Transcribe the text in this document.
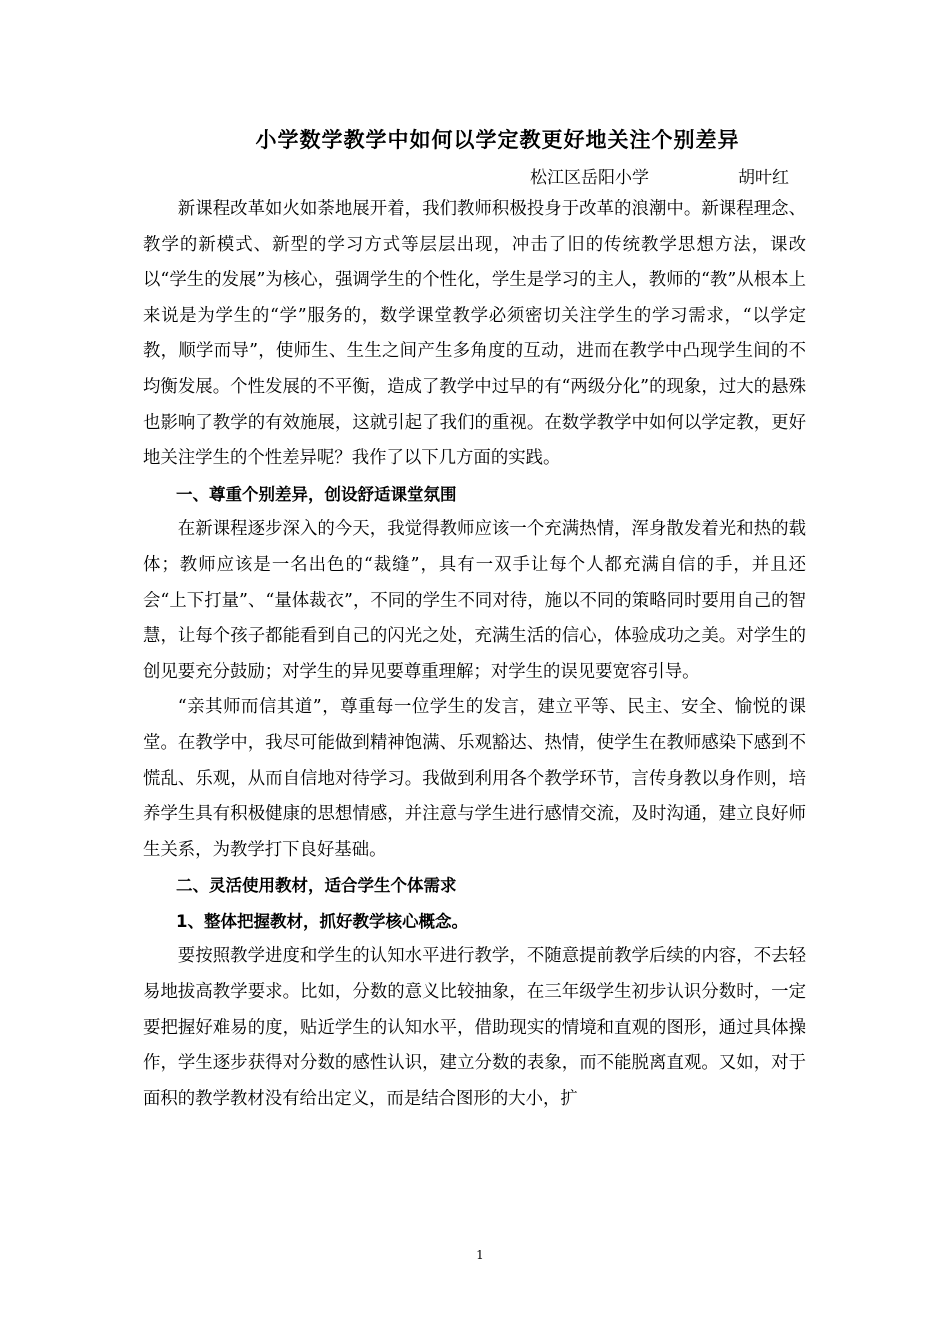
小学数学教学中如何以学定教更好地关注个别差异
松江区岳阳小学	胡叶红

新课程改革如火如荼地展开着，我们教师积极投身于改革的浪潮中。新课程理念、教学的新模式、新型的学习方式等层层出现，冲击了旧的传统教学思想方法，课改以“学生的发展”为核心，强调学生的个性化，学生是学习的主人，教师的“教”从根本上来说是为学生的“学”服务的，数学课堂教学必须密切关注学生的学习需求，“以学定教，顺学而导”，使师生、生生之间产生多角度的互动，进而在教学中凸现学生间的不均衡发展。个性发展的不平衡，造成了教学中过早的有“两级分化”的现象，过大的悬殊也影响了教学的有效施展，这就引起了我们的重视。在数学教学中如何以学定教，更好地关注学生的个性差异呢？我作了以下几方面的实践。

一、尊重个别差异，创设舒适课堂氛围

在新课程逐步深入的今天，我觉得教师应该一个充满热情，浑身散发着光和热的载体；教师应该是一名出色的“裁缝”，具有一双手让每个人都充满自信的手，并且还会“上下打量”、“量体裁衣”，不同的学生不同对待，施以不同的策略同时要用自己的智慧，让每个孩子都能看到自己的闪光之处，充满生活的信心，体验成功之美。对学生的创见要充分鼓励；对学生的异见要尊重理解；对学生的误见要宽容引导。

“亲其师而信其道”，尊重每一位学生的发言，建立平等、民主、安全、愉悦的课堂。在教学中，我尽可能做到精神饱满、乐观豁达、热情，使学生在教师感染下感到不慌乱、乐观，从而自信地对待学习。我做到利用各个教学环节，言传身教以身作则，培养学生具有积极健康的思想情感，并注意与学生进行感情交流，及时沟通，建立良好师生关系，为教学打下良好基础。

二、灵活使用教材，适合学生个体需求

1、整体把握教材，抓好教学核心概念。

要按照教学进度和学生的认知水平进行教学，不随意提前教学后续的内容，不去轻易地拔高教学要求。比如，分数的意义比较抽象，在三年级学生初步认识分数时，一定要把握好难易的度，贴近学生的认知水平，借助现实的情境和直观的图形，通过具体操作，学生逐步获得对分数的感性认识，建立分数的表象，而不能脱离直观。又如，对于面积的教学教材没有给出定义，而是结合图形的大小，扩

1
